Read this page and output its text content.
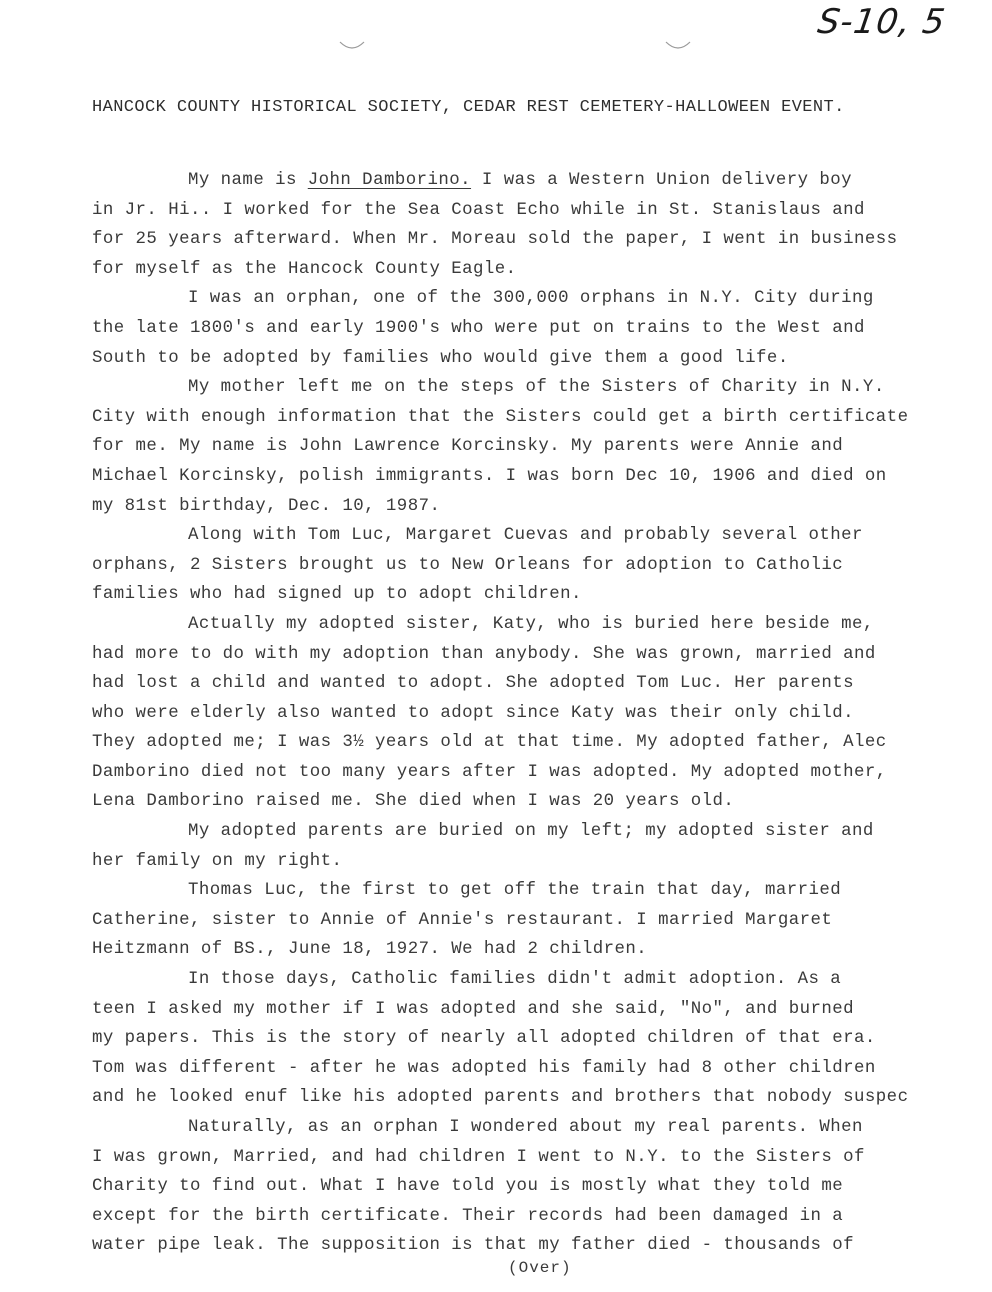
S-10, 5
HANCOCK COUNTY HISTORICAL SOCIETY, CEDAR REST CEMETERY-HALLOWEEN EVENT.
My name is John Damborino. I was a Western Union delivery boy
in Jr. Hi.. I worked for the Sea Coast Echo while in St. Stanislaus and
for 25 years afterward. When Mr. Moreau sold the paper, I went in business
for myself as the Hancock County Eagle.
I was an orphan, one of the 300,000 orphans in N.Y. City during
the late 1800's and early 1900's who were put on trains to the West and
South to be adopted by families who would give them a good life.
My mother left me on the steps of the Sisters of Charity in N.Y.
City with enough information that the Sisters could get a birth certificate
for me. My name is John Lawrence Korcinsky. My parents were Annie and
Michael Korcinsky, polish immigrants. I was born Dec 10, 1906 and died on
my 81st birthday, Dec. 10, 1987.
Along with Tom Luc, Margaret Cuevas and probably several other
orphans, 2 Sisters brought us to New Orleans for adoption to Catholic
families who had signed up to adopt children.
Actually my adopted sister, Katy, who is buried here beside me,
had more to do with my adoption than anybody. She was grown, married and
had lost a child and wanted to adopt. She adopted Tom Luc. Her parents
who were elderly also wanted to adopt since Katy was their only child.
They adopted me; I was 3½ years old at that time. My adopted father, Alec
Damborino died not too many years after I was adopted. My adopted mother,
Lena Damborino raised me. She died when I was 20 years old.
My adopted parents are buried on my left; my adopted sister and
her family on my right.
Thomas Luc, the first to get off the train that day, married
Catherine, sister to Annie of Annie's restaurant. I married Margaret
Heitzmann of BS., June 18, 1927. We had 2 children.
In those days, Catholic families didn't admit adoption. As a
teen I asked my mother if I was adopted and she said, "No", and burned
my papers. This is the story of nearly all adopted children of that era.
Tom was different - after he was adopted his family had 8 other children
and he looked enuf like his adopted parents and brothers that nobody suspec
Naturally, as an orphan I wondered about my real parents. When
I was grown, Married, and had children I went to N.Y. to the Sisters of
Charity to find out. What I have told you is mostly what they told me
except for the birth certificate. Their records had been damaged in a
water pipe leak. The supposition is that my father died - thousands of
(Over)
